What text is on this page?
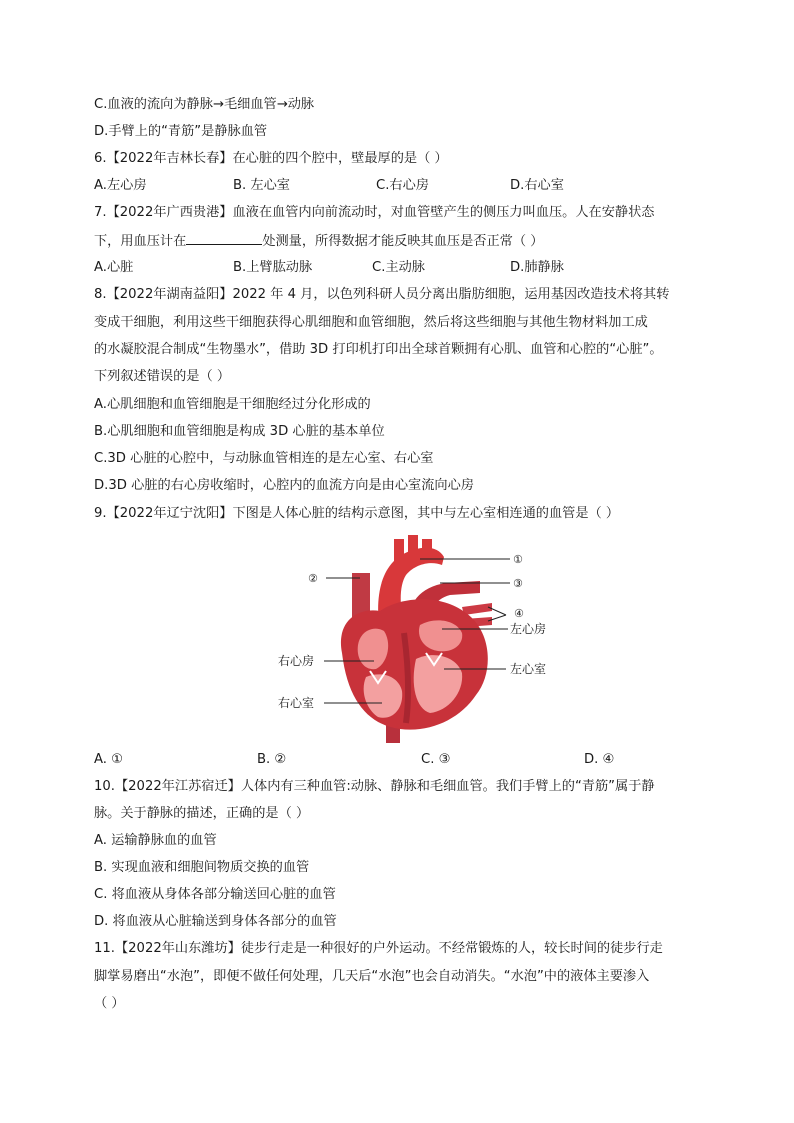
C.血液的流向为静脉→毛细血管→动脉
D.手臂上的“青筋”是静脉血管
6.【2022年吉林长春】在心脏的四个腔中，壁最厚的是（ ）
A.左心房	B. 左心室	C.右心房	D.右心室
7.【2022年广西贵港】血液在血管内向前流动时，对血管壁产生的侧压力叫血压。人在安静状态
下，用血压计在	处测量，所得数据才能反映其血压是否正常（ ）
A.心脏	B.上臂肱动脉	C.主动脉	D.肺静脉
8.【2022年湖南益阳】2022 年 4 月，以色列科研人员分离出脂肪细胞，运用基因改造技术将其转
变成干细胞，利用这些干细胞获得心肌细胞和血管细胞，然后将这些细胞与其他生物材料加工成
的水凝胶混合制成“生物墨水”，借助 3D 打印机打印出全球首颗拥有心肌、血管和心腔的“心脏”。
下列叙述错误的是（ ）
A.心肌细胞和血管细胞是干细胞经过分化形成的
B.心肌细胞和血管细胞是构成 3D 心脏的基本单位
C.3D 心脏的心腔中，与动脉血管相连的是左心室、右心室
D.3D 心脏的右心房收缩时，心腔内的血流方向是由心室流向心房
9.【2022年辽宁沈阳】下图是人体心脏的结构示意图，其中与左心室相连通的血管是（ ）
①
②	③
④
左心房
右心房
左心室
右心室
A. ①	B. ②	C. ③	D. ④
10.【2022年江苏宿迁】人体内有三种血管:动脉、静脉和毛细血管。我们手臂上的“青筋”属于静
脉。关于静脉的描述，正确的是（ ）
A. 运输静脉血的血管
B. 实现血液和细胞间物质交换的血管
C. 将血液从身体各部分输送回心脏的血管
D. 将血液从心脏输送到身体各部分的血管
11.【2022年山东潍坊】徒步行走是一种很好的户外运动。不经常锻炼的人，较长时间的徒步行走
脚掌易磨出“水泡”，即便不做任何处理，几天后“水泡”也会自动消失。“水泡”中的液体主要渗入
（ ）
